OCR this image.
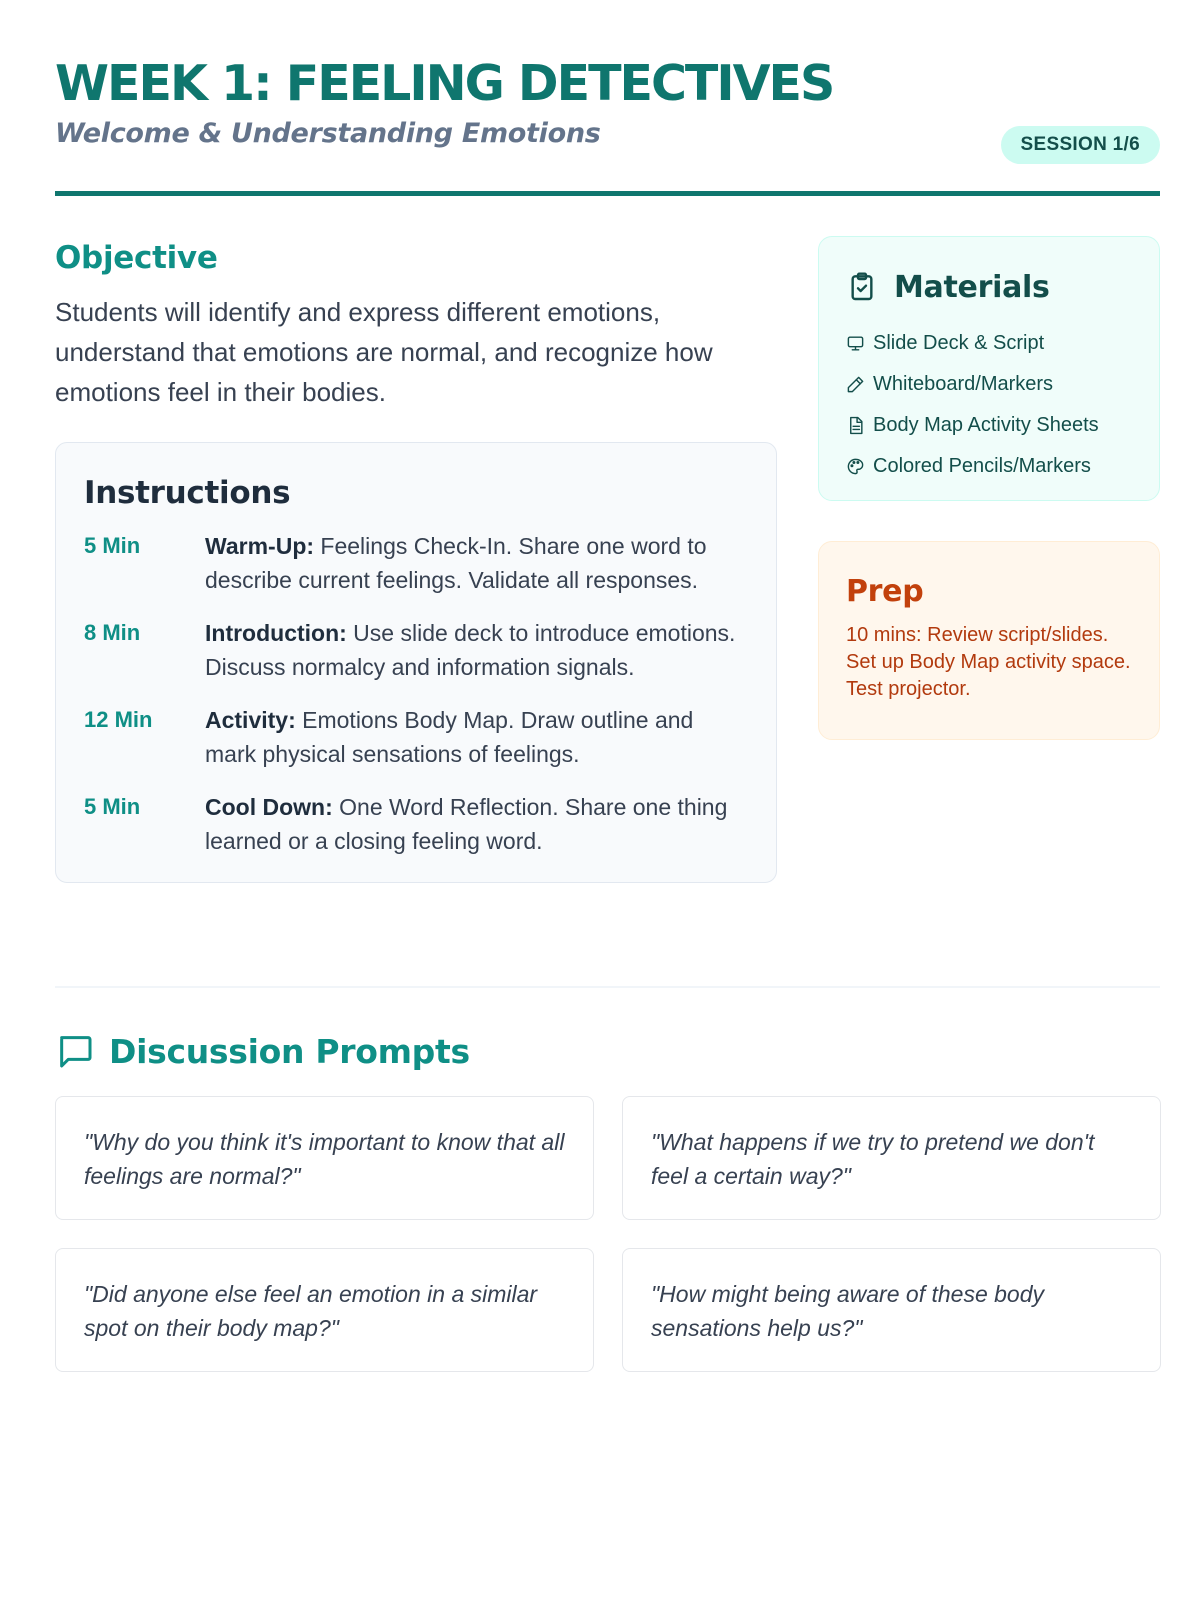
WEEK 1: FEELING DETECTIVES
Welcome & Understanding Emotions	SESSION 1/6
Objective

Students will identify and express different emotions, understand that emotions are normal, and recognize how emotions feel in their bodies.

Instructions
5 Min	Warm-Up: Feelings Check-In. Share one word to describe current feelings. Validate all responses.
8 Min	Introduction: Use slide deck to introduce emotions. Discuss normalcy and information signals.
12 Min	Activity: Emotions Body Map. Draw outline and mark physical sensations of feelings.
5 Min	Cool Down: One Word Reflection. Share one thing learned or a closing feeling word.
Materials
Slide Deck & Script
Whiteboard/Markers
Body Map Activity Sheets
Colored Pencils/Markers
Prep

10 mins: Review script/slides. Set up Body Map activity space. Test projector.

Discussion Prompts
"Why do you think it's important to know that all feelings are normal?"
"What happens if we try to pretend we don't feel a certain way?"
"Did anyone else feel an emotion in a similar spot on their body map?"
"How might being aware of these body sensations help us?"
